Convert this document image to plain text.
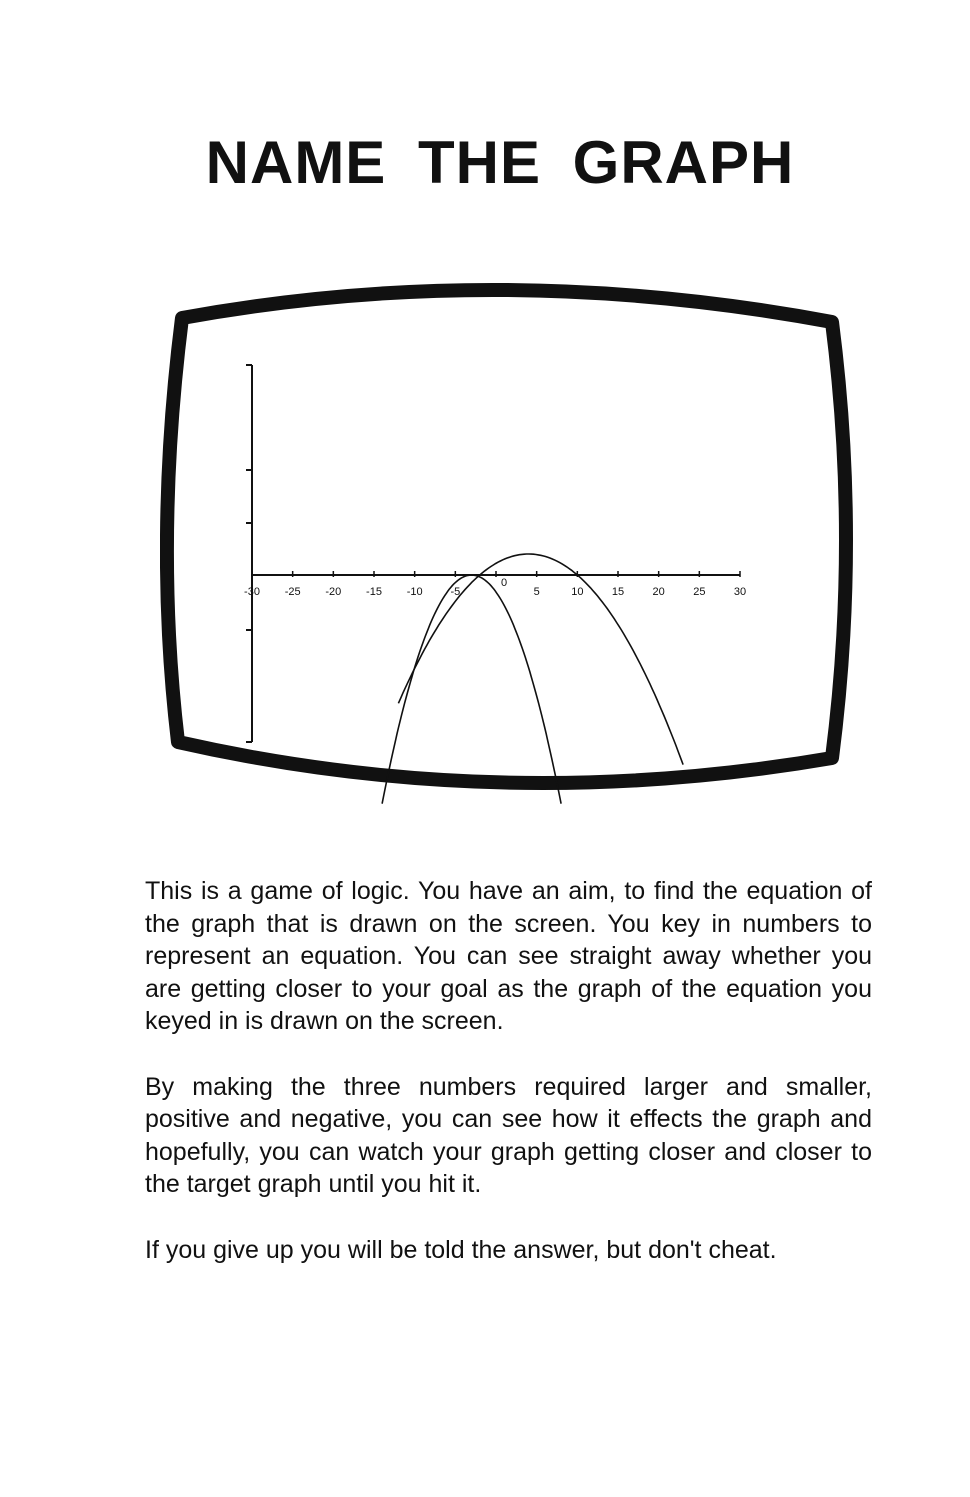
NAME THE GRAPH
-30 -25 -20 -15 -10	-5
0
5	10	15	20	25	30

This is a game of logic. You have an aim, to find the equation of the graph that is drawn on the screen. You key in numbers to represent an equation. You can see straight away whether you are getting closer to your goal as the graph of the equation you keyed in is drawn on the screen.

By making the three numbers required larger and smaller, positive and negative, you can see how it effects the graph and hopefully, you can watch your graph getting closer and closer to the target graph until you hit it.

If you give up you will be told the answer, but don't cheat.
